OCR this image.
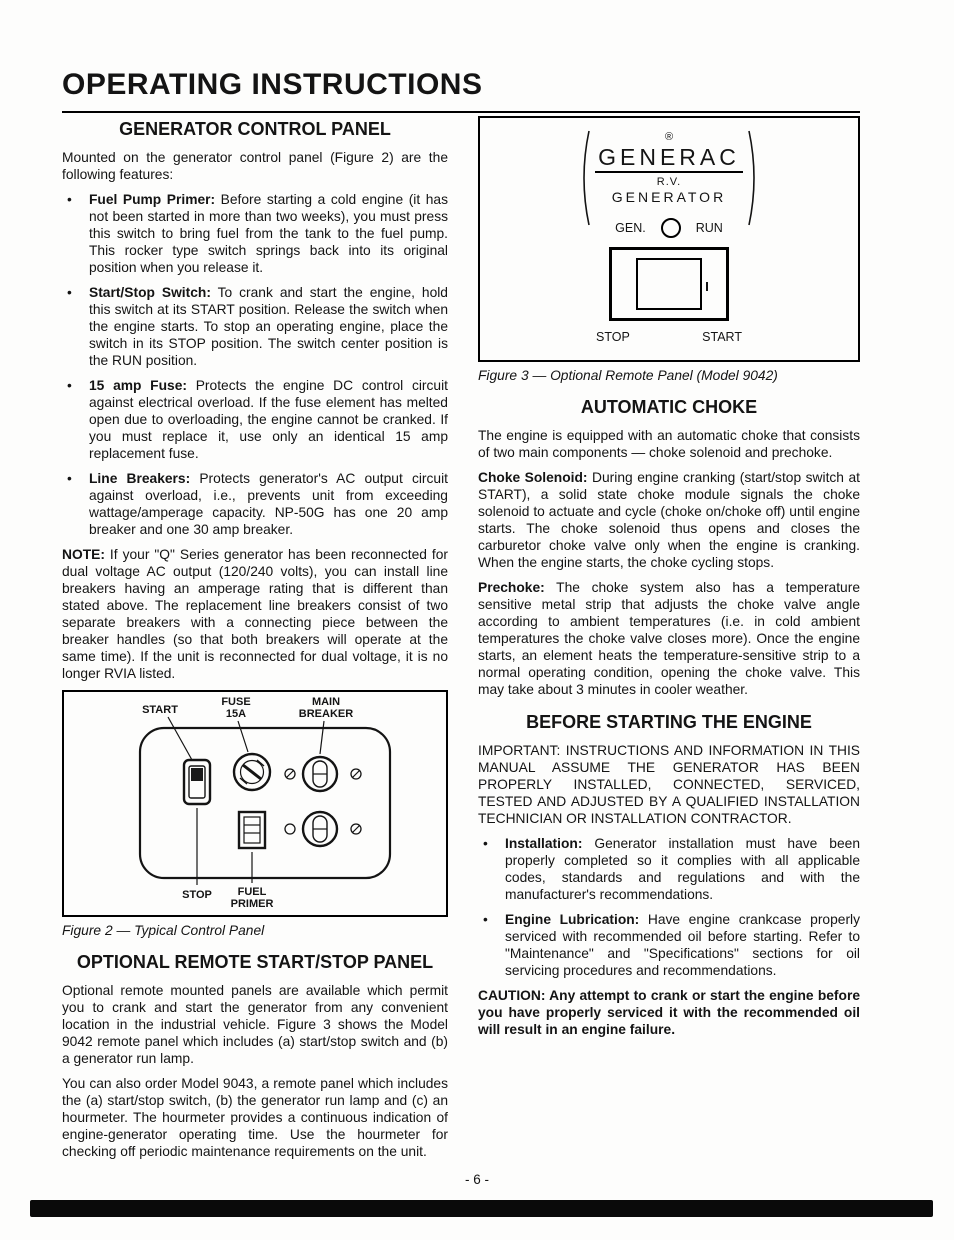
OPERATING INSTRUCTIONS
GENERATOR CONTROL PANEL

Mounted on the generator control panel (Figure 2) are the following features:

• Fuel Pump Primer: Before starting a cold engine (it has not been started in more than two weeks), you must press this switch to bring fuel from the tank to the fuel pump. This rocker type switch springs back into its original position when you release it.
• Start/Stop Switch: To crank and start the engine, hold this switch at its START position. Release the switch when the engine starts. To stop an operating engine, place the switch in its STOP position. The switch center position is the RUN position.
• 15 amp Fuse: Protects the engine DC control circuit against electrical overload. If the fuse element has melted open due to overloading, the engine cannot be cranked. If you must replace it, use only an identical 15 amp replacement fuse.
• Line Breakers: Protects generator's AC output circuit against overload, i.e., prevents unit from exceeding wattage/amperage capacity. NP-50G has one 20 amp breaker and one 30 amp breaker.

NOTE: If your "Q" Series generator has been reconnected for dual voltage AC output (120/240 volts), you can install line breakers having an amperage rating that is different than stated above. The replacement line breakers consist of two separate breakers with a connecting piece between the breaker handles (so that both breakers will operate at the same time). If the unit is reconnected for dual voltage, it is no longer RVIA listed.

START
FUSE
15A
MAIN
BREAKER
STOP FUEL
PRIMER
Figure 2 — Typical Control Panel
OPTIONAL REMOTE START/STOP PANEL

Optional remote mounted panels are available which permit you to crank and start the generator from any convenient location in the industrial vehicle. Figure 3 shows the Model 9042 remote panel which includes (a) start/stop switch and (b) a generator run lamp.

You can also order Model 9043, a remote panel which includes the (a) start/stop switch, (b) the generator run lamp and (c) an hourmeter. The hourmeter provides a continuous indication of engine-generator operating time. Use the hourmeter for checking off periodic maintenance requirements on the unit.

®
GENERAC
R.V.
GENERATOR
GEN.	RUN
STOP	START
Figure 3 — Optional Remote Panel (Model 9042)
AUTOMATIC CHOKE

The engine is equipped with an automatic choke that consists of two main components — choke solenoid and prechoke.

Choke Solenoid: During engine cranking (start/stop switch at START), a solid state choke module signals the choke solenoid to actuate and cycle (choke on/choke off) until engine starts. The choke solenoid thus opens and closes the carburetor choke valve only when the engine is cranking. When the engine starts, the choke cycling stops.

Prechoke: The choke system also has a temperature sensitive metal strip that adjusts the choke valve angle according to ambient temperatures (i.e. in cold ambient temperatures the choke valve closes more). Once the engine starts, an element heats the temperature-sensitive strip to a normal operating condition, opening the choke valve. This may take about 3 minutes in cooler weather.

BEFORE STARTING THE ENGINE

IMPORTANT: INSTRUCTIONS AND INFORMATION IN THIS MANUAL ASSUME THE GENERATOR HAS BEEN PROPERLY INSTALLED, CONNECTED, SERVICED, TESTED AND ADJUSTED BY A QUALIFIED INSTALLATION TECHNICIAN OR INSTALLATION CONTRACTOR.

• Installation: Generator installation must have been properly completed so it complies with all applicable codes, standards and regulations and with the manufacturer's recommendations.
• Engine Lubrication: Have engine crankcase properly serviced with recommended oil before starting. Refer to "Maintenance" and "Specifications" sections for oil servicing procedures and recommendations.

CAUTION: Any attempt to crank or start the engine before you have properly serviced it with the recommended oil will result in an engine failure.

- 6 -
